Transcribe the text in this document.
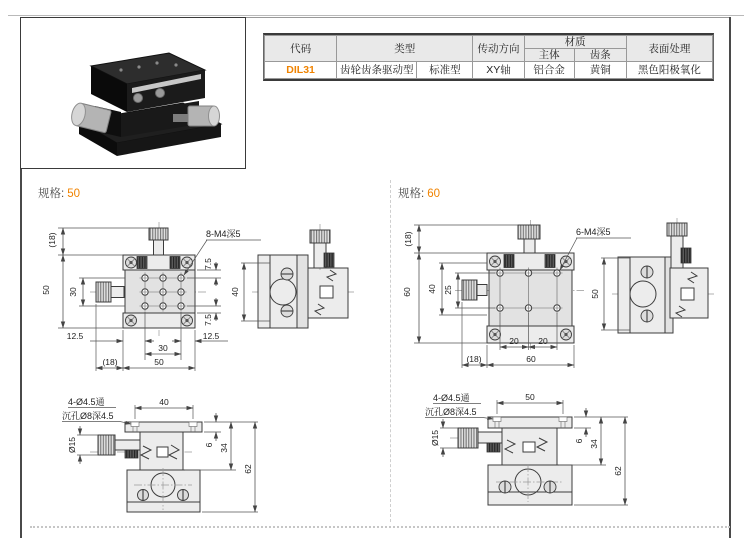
代码	类型		传动方向	材质		表面处理
				主体	齿条	
DIL31	齿轮齿条驱动型	标准型	XY轴	铝合金	黄铜	黑色阳极氧化
规格: 50	规格: 60
8-M4深5
(18)
50 30
7.5
7.5
12.5	12.5
30
50
(18)
40
4-Ø4.5通
沉孔Ø8深4.5
40
Ø15	6 34
62
6-M4深5
(18)
60 40 25
20 20
60
(18)
50
4-Ø4.5通
沉孔Ø8深4.5
50
Ø15	6 34
62
